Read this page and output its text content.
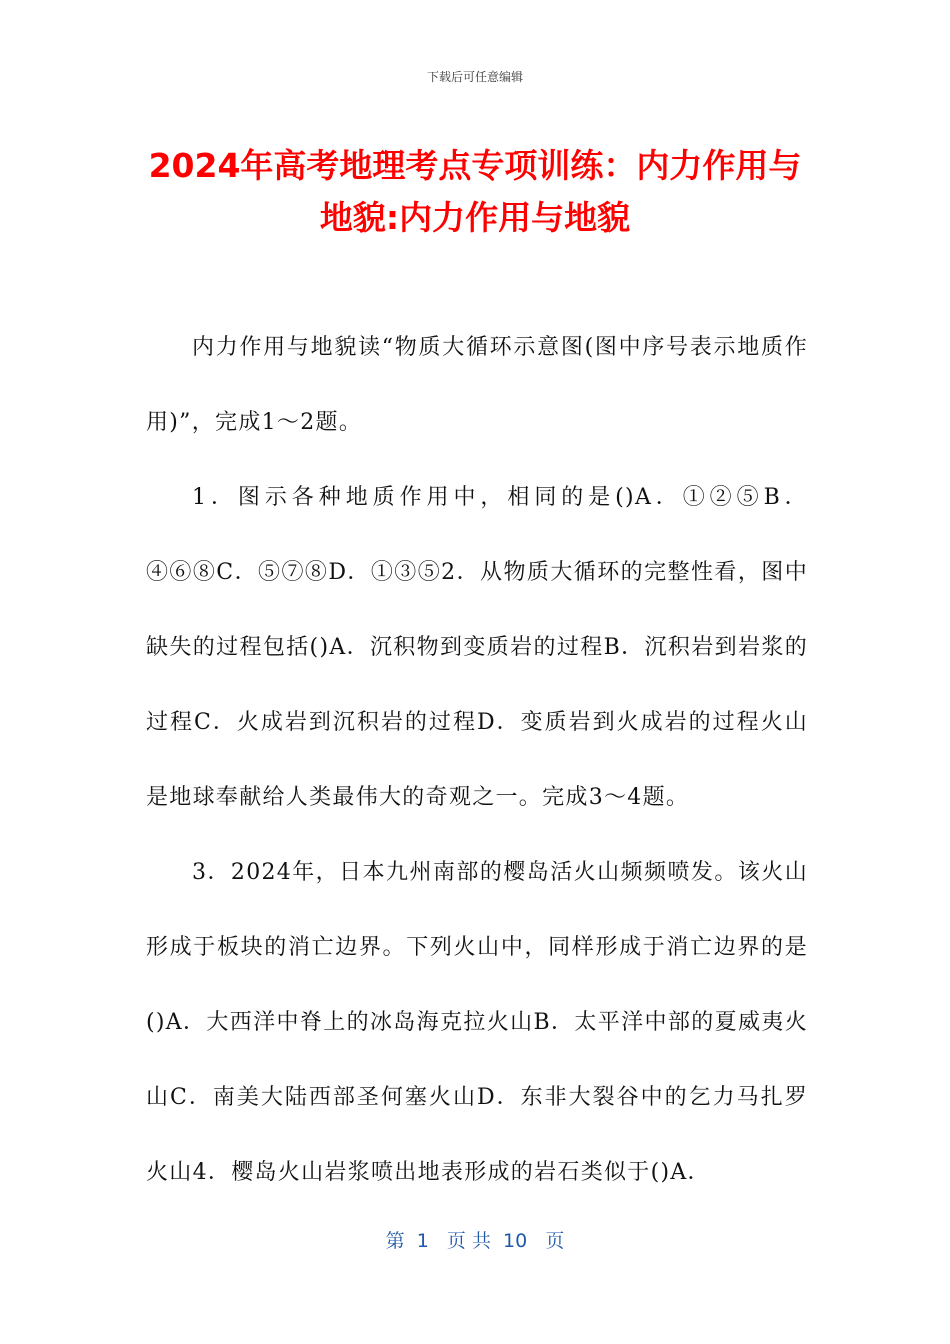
下载后可任意编辑
2024年高考地理考点专项训练：内力作用与
地貌:内力作用与地貌

内力作用与地貌读“物质大循环示意图(图中序号表示地质作用)”，完成1～2题。

1．图示各种地质作用中，相同的是()A．①②⑤B．④⑥⑧C．⑤⑦⑧D．①③⑤2．从物质大循环的完整性看，图中缺失的过程包括()A．沉积物到变质岩的过程B．沉积岩到岩浆的过程C．火成岩到沉积岩的过程D．变质岩到火成岩的过程火山是地球奉献给人类最伟大的奇观之一。完成3～4题。

3．2024年，日本九州南部的樱岛活火山频频喷发。该火山形成于板块的消亡边界。下列火山中，同样形成于消亡边界的是()A．大西洋中脊上的冰岛海克拉火山B．太平洋中部的夏威夷火山C．南美大陆西部圣何塞火山D．东非大裂谷中的乞力马扎罗火山4．樱岛火山岩浆喷出地表形成的岩石类似于()A．

第  1   页 共  10   页
